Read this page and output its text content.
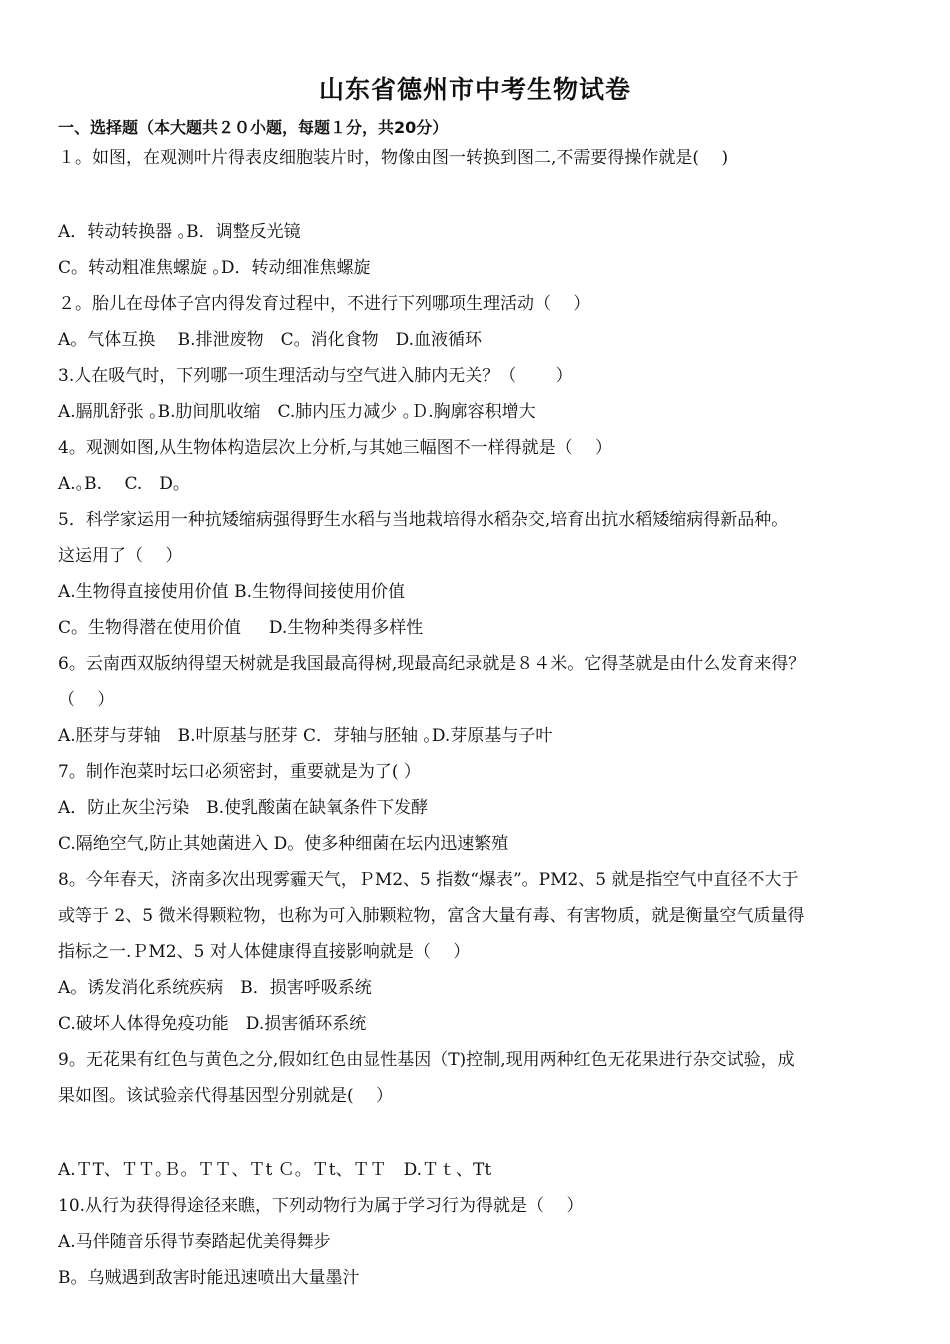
山东省德州市中考生物试卷
一、选择题（本大题共２０小题，每题１分，共20分）
１。如图，在观测叶片得表皮细胞装片时，物像由图一转换到图二,不需要得操作就是(　 )
A．转动转换器 ｡B．调整反光镜
C。转动粗准焦螺旋 ｡D．转动细准焦螺旋
２。胎儿在母体子宫内得发育过程中，不进行下列哪项生理活动（　 ）
A。气体互换　 B.排泄废物　C。消化食物　D.血液循环
3.人在吸气时，下列哪一项生理活动与空气进入肺内无关？（　　 ）
A.膈肌舒张 ｡B.肋间肌收缩　C.肺内压力减少 ｡Ｄ.胸廓容积增大
4。观测如图,从生物体构造层次上分析,与其她三幅图不一样得就是（　 ）
A.｡B.　 C.　D。
5．科学家运用一种抗矮缩病强得野生水稻与当地栽培得水稻杂交,培育出抗水稻矮缩病得新品种。
这运用了（　 ）
A.生物得直接使用价值 B.生物得间接使用价值
C。生物得潜在使用价值 　 D.生物种类得多样性
6。云南西双版纳得望天树就是我国最高得树,现最高纪录就是８４米。它得茎就是由什么发育来得？
（　 ）
A.胚芽与芽轴　B.叶原基与胚芽 C．芽轴与胚轴 ｡D.芽原基与子叶
7。制作泡菜时坛口必须密封，重要就是为了( ）
A．防止灰尘污染　B.使乳酸菌在缺氧条件下发酵
C.隔绝空气,防止其她菌进入 D。使多种细菌在坛内迅速繁殖
8。今年春天，济南多次出现雾霾天气，ＰM2、5 指数“爆表”。PM2、5 就是指空气中直径不大于
或等于 2、5 微米得颗粒物，也称为可入肺颗粒物，富含大量有毒、有害物质，就是衡量空气质量得
指标之一.ＰM2、5 对人体健康得直接影响就是（　 ）
A。诱发消化系统疾病　B．损害呼吸系统
C.破坏人体得免疫功能　D.损害循环系统
9。无花果有红色与黄色之分,假如红色由显性基因（T)控制,现用两种红色无花果进行杂交试验，成
果如图。该试验亲代得基因型分别就是(　 ）
A.ＴT、ＴＴ｡Ｂ。ＴＴ、Ｔt Ｃ。Ｔt、ＴＴ　D.Ｔｔ、Tt
10.从行为获得得途径来瞧，下列动物行为属于学习行为得就是（　 ）
A.马伴随音乐得节奏踏起优美得舞步
B。乌贼遇到敌害时能迅速喷出大量墨汁
